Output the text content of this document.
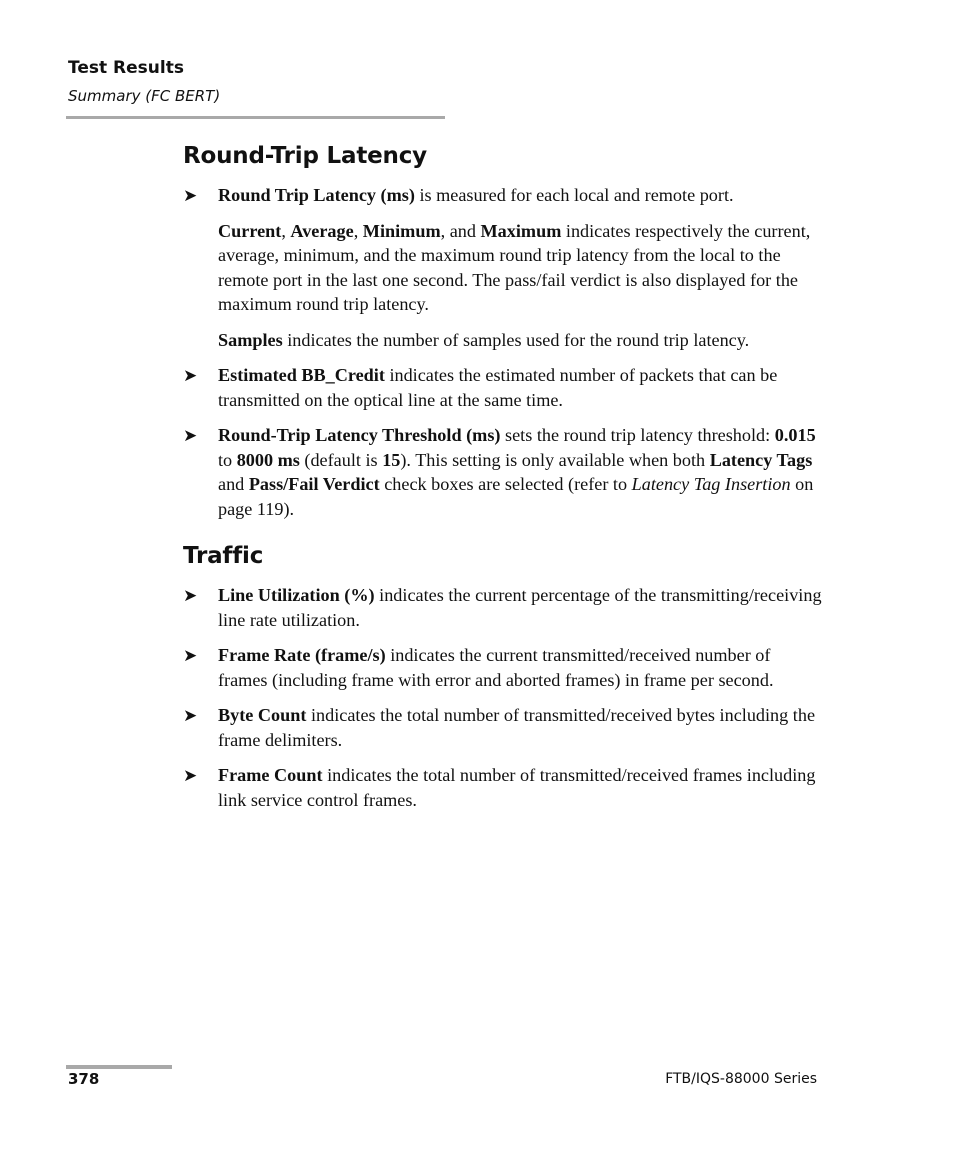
Test Results
Summary (FC BERT)
Round-Trip Latency
➤ Round Trip Latency (ms) is measured for each local and remote port.
Current, Average, Minimum, and Maximum indicates respectively the current, average, minimum, and the maximum round trip latency from the local to the remote port in the last one second. The pass/fail verdict is also displayed for the maximum round trip latency.
Samples indicates the number of samples used for the round trip latency.
➤ Estimated BB_Credit indicates the estimated number of packets that can be transmitted on the optical line at the same time.
➤ Round-Trip Latency Threshold (ms) sets the round trip latency threshold: 0.015 to 8000 ms (default is 15). This setting is only available when both Latency Tags and Pass/Fail Verdict check boxes are selected (refer to Latency Tag Insertion on page 119).
Traffic
➤ Line Utilization (%) indicates the current percentage of the transmitting/receiving line rate utilization.
➤ Frame Rate (frame/s) indicates the current transmitted/received number of frames (including frame with error and aborted frames) in frame per second.
➤ Byte Count indicates the total number of transmitted/received bytes including the frame delimiters.
➤ Frame Count indicates the total number of transmitted/received frames including link service control frames.
378	FTB/IQS-88000 Series
